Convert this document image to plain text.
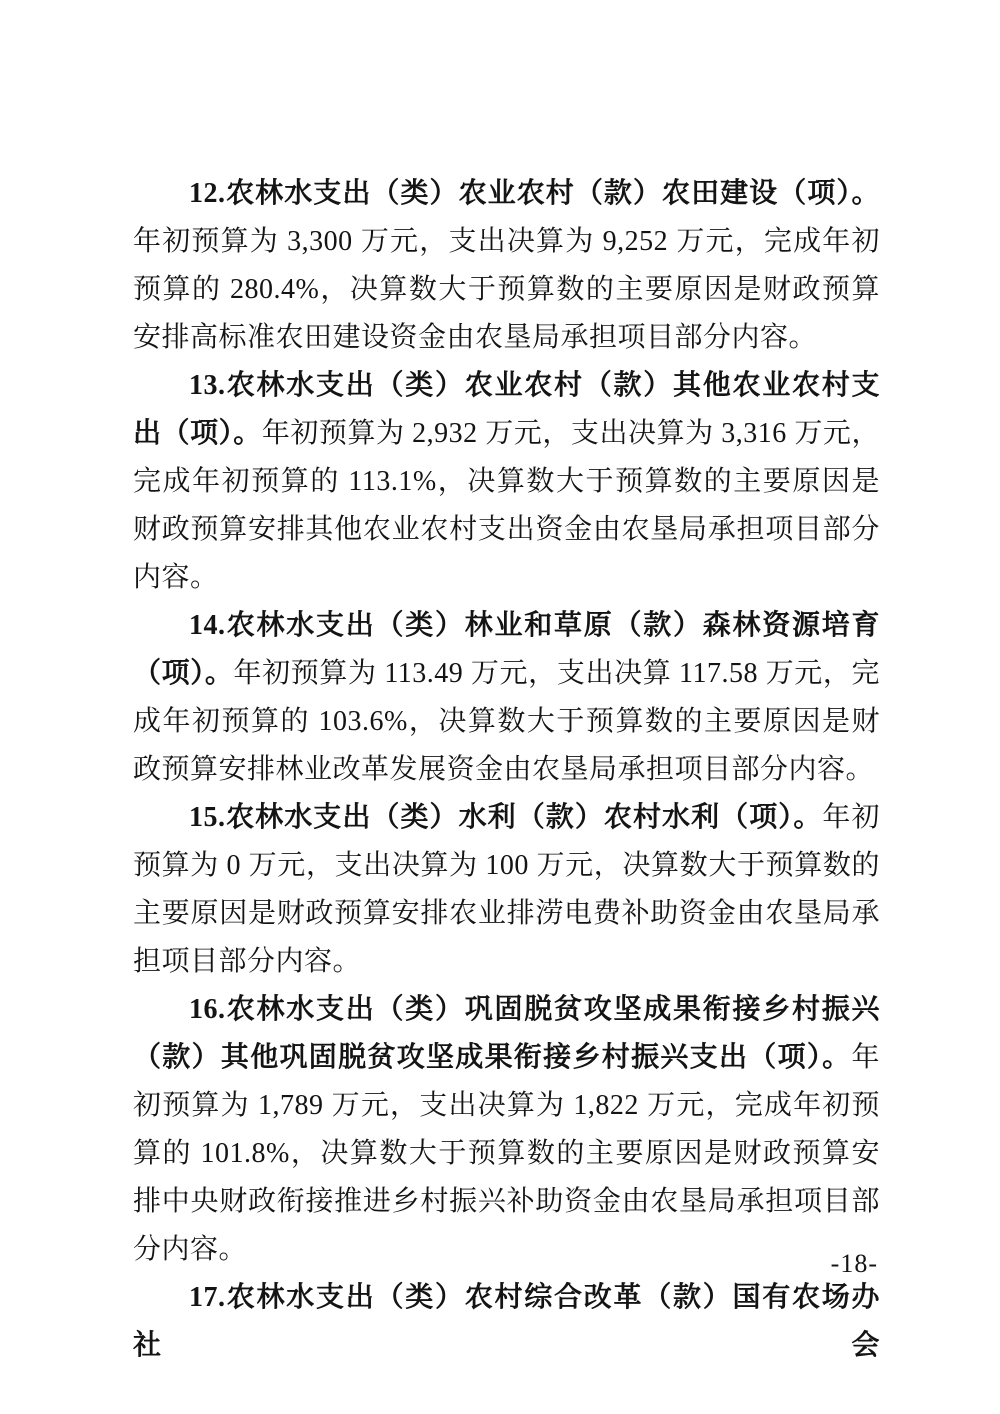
12.农林水支出（类）农业农村（款）农田建设（项）。年初预算为 3,300 万元，支出决算为 9,252 万元，完成年初预算的 280.4%，决算数大于预算数的主要原因是财政预算安排高标准农田建设资金由农垦局承担项目部分内容。

13.农林水支出（类）农业农村（款）其他农业农村支出（项）。年初预算为 2,932 万元，支出决算为 3,316 万元，完成年初预算的 113.1%，决算数大于预算数的主要原因是财政预算安排其他农业农村支出资金由农垦局承担项目部分内容。

14.农林水支出（类）林业和草原（款）森林资源培育（项）。年初预算为 113.49 万元，支出决算 117.58 万元，完成年初预算的 103.6%，决算数大于预算数的主要原因是财政预算安排林业改革发展资金由农垦局承担项目部分内容。

15.农林水支出（类）水利（款）农村水利（项）。年初预算为 0 万元，支出决算为 100 万元，决算数大于预算数的主要原因是财政预算安排农业排涝电费补助资金由农垦局承担项目部分内容。

16.农林水支出（类）巩固脱贫攻坚成果衔接乡村振兴（款）其他巩固脱贫攻坚成果衔接乡村振兴支出（项）。年初预算为 1,789 万元，支出决算为 1,822 万元，完成年初预算的 101.8%，决算数大于预算数的主要原因是财政预算安排中央财政衔接推进乡村振兴补助资金由农垦局承担项目部分内容。

17.农林水支出（类）农村综合改革（款）国有农场办社会

-18-
